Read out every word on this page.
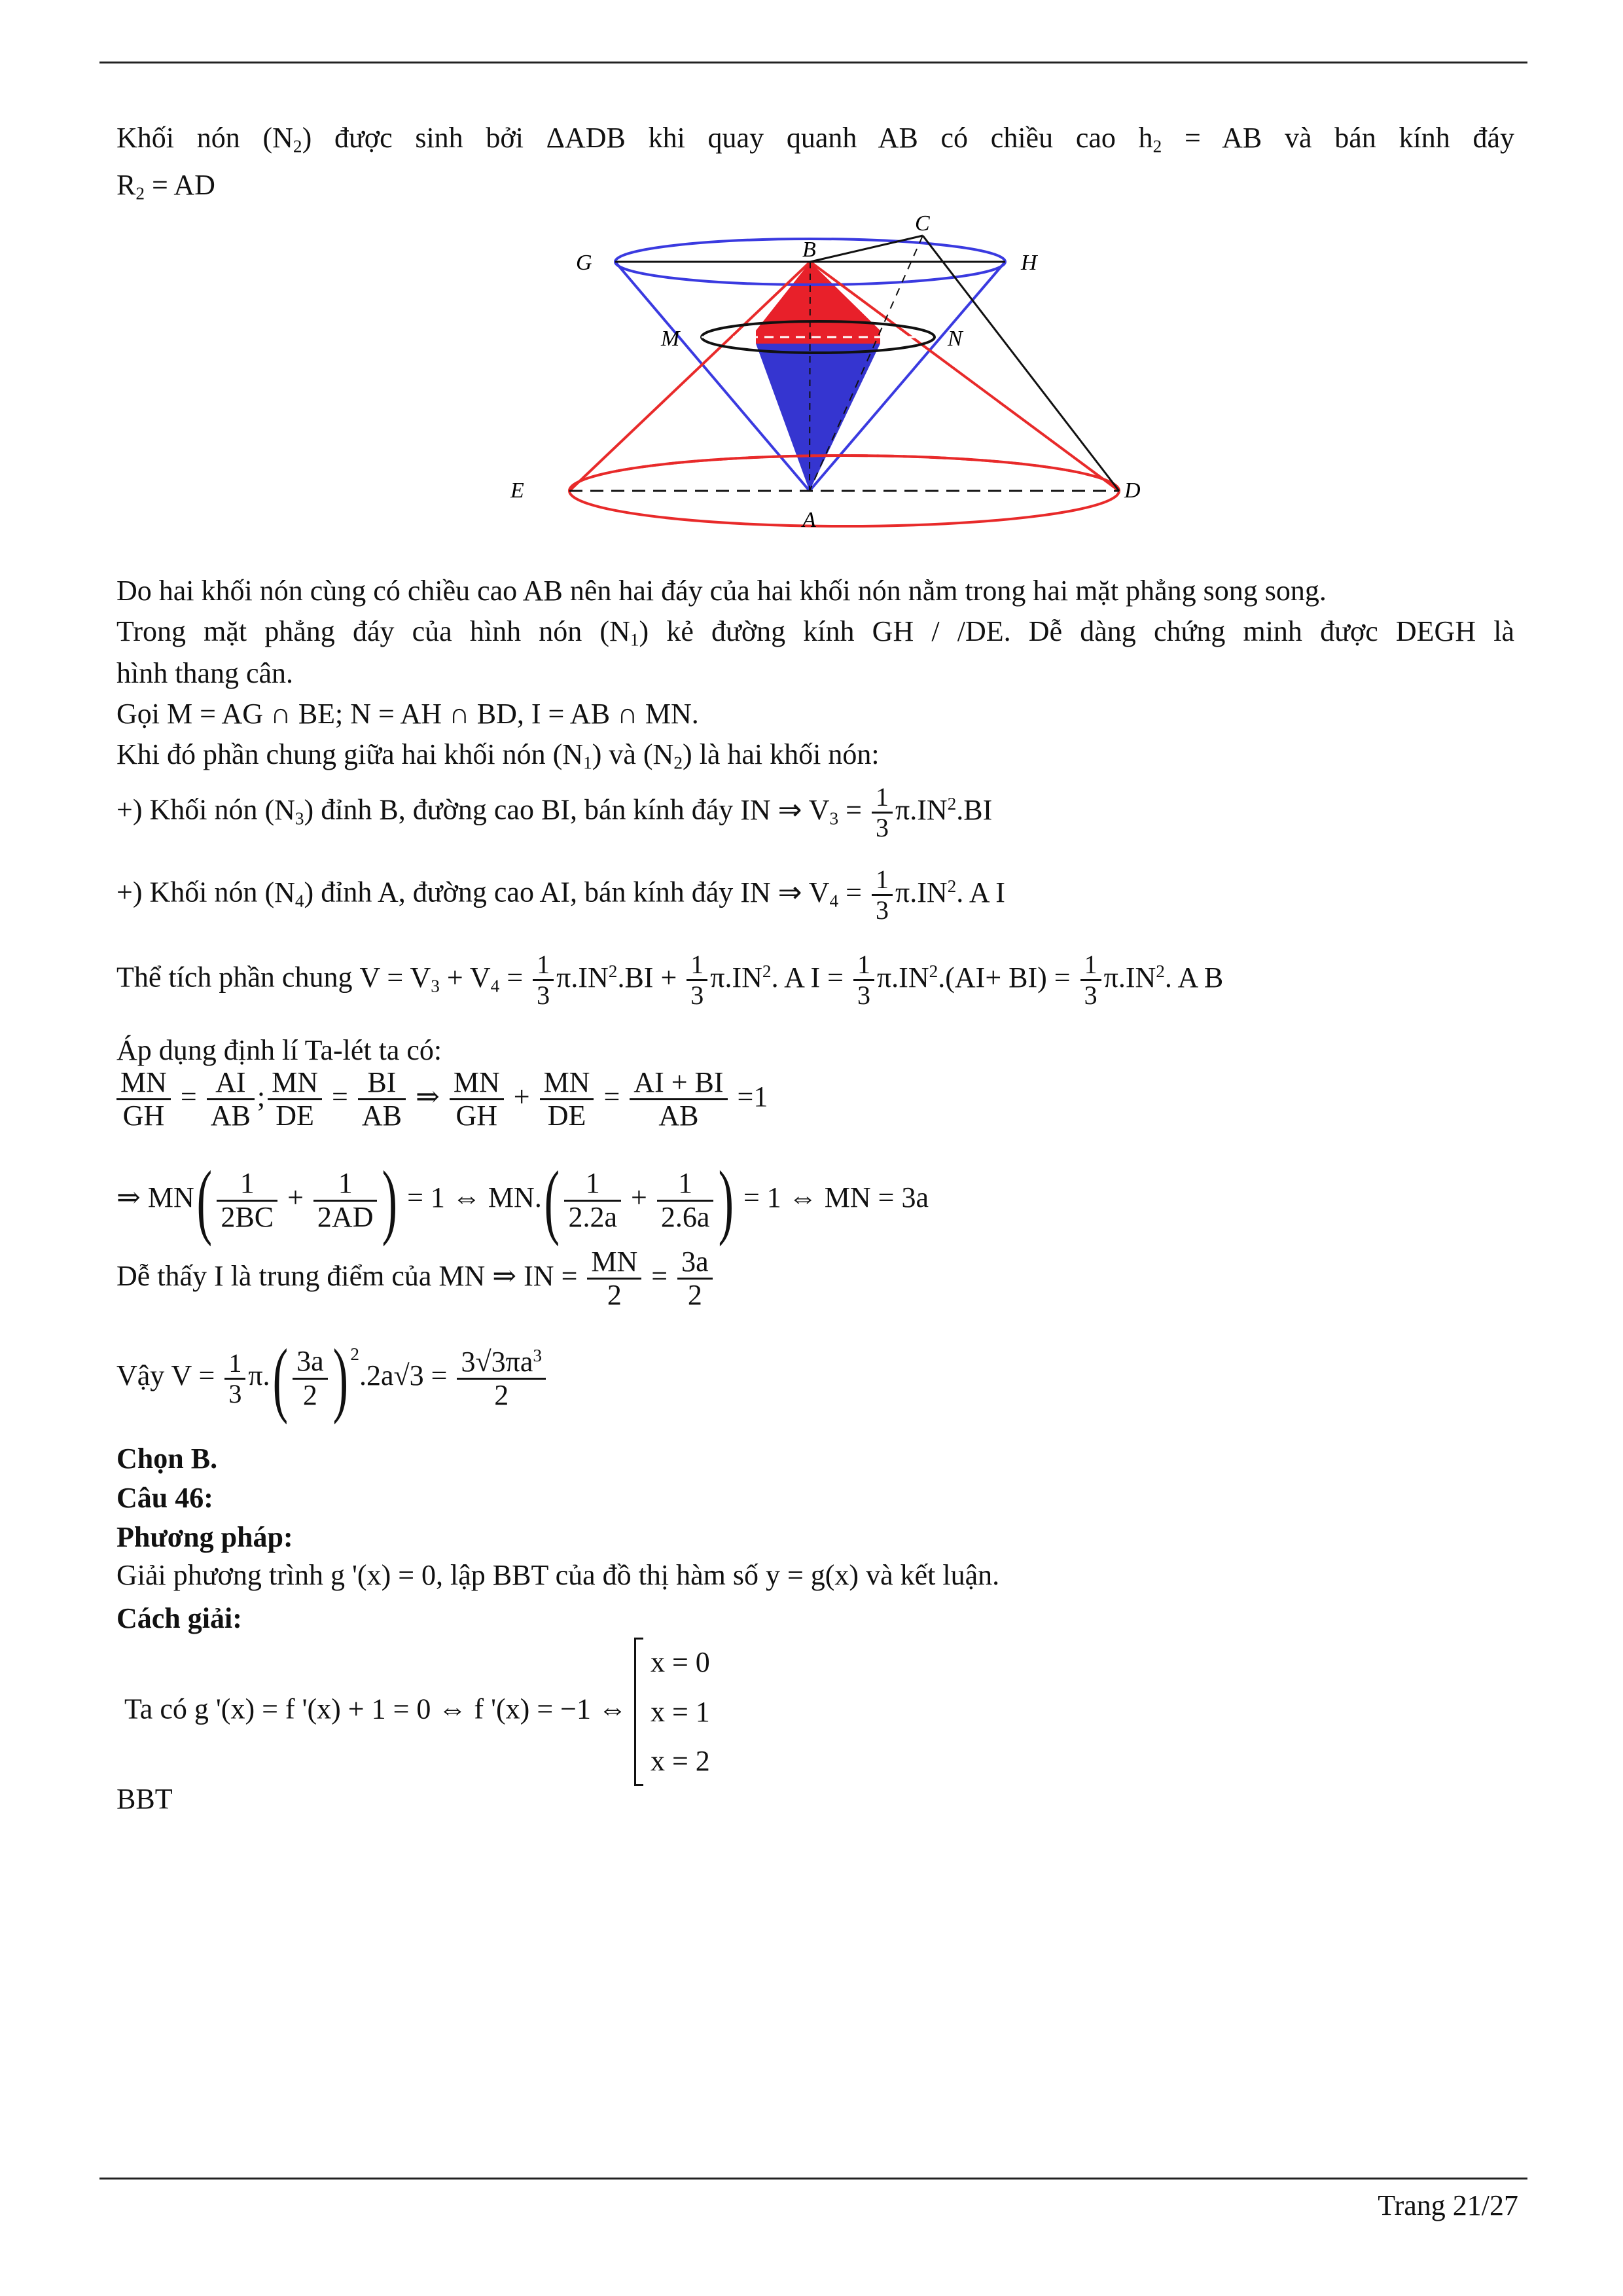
Khối nón $(N_2)$ được sinh bởi ΔADB khi quay quanh AB có chiều cao $h_2$ = AB và bán kính đáy
$R_2$ = AD
Do hai khối nón cùng có chiều cao AB nên hai đáy của hai khối nón nằm trong hai mặt phẳng song song.
Trong mặt phẳng đáy của hình nón $(N_1)$ kẻ đường kính GH / /DE. Dễ dàng chứng minh được DEGH là
hình thang cân.
Gọi M = AG ∩ BE; N = AH ∩ BD, I = AB ∩ MN.
Khi đó phần chung giữa hai khối nón $(N_1)$ và $(N_2)$ là hai khối nón:
+) Khối nón $(N_3)$ đỉnh B, đường cao BI, bán kính đáy IN ⇒ $V_3 = \frac{1}{3} \pi.IN^2.BI$
+) Khối nón $(N_4)$ đỉnh A, đường cao AI, bán kính đáy IN ⇒ $V_4 = \frac{1}{3} \pi.IN^2$. A I
Thể tích phần chung $V = V_3 + V_4 = \frac{1}{3} \pi.IN^2.BI + \frac{1}{3} \pi.IN^2$. A $I = \frac{1}{3} \pi.IN^2.(AI+ BI) = \frac{1}{3} \pi.IN^2$. A B
Áp dụng định lí Ta-lét ta có:
$\frac{MN}{GH} = \frac{AI}{AB}$ ; $\frac{MN}{DE} = \frac{BI}{AB}$ ⇒ $\frac{MN}{GH} + \frac{MN}{DE} = \frac{AI + BI}{AB} =1$
⇒ $MN( \frac{1}{2BC} + \frac{1}{2AD}$ ) = 1 ⇔ $MN.( \frac{1}{2.2a} + \frac{1}{2.6a}$ ) = 1 ⇔ MN = 3a
Dễ thấy I là trung điểm của MN ⇒ IN = $\frac{MN}{2} = \frac{3a}{2}$
Vậy $V = \frac{1}{3} \pi.( \frac{3a}{2}$ ) $^2.2a√3 = \frac{3√3\pi a^3}{2}$
Chọn B.
Câu 46:
Phương pháp:
Giải phương trình g '(x) = 0, lập BBT của đồ thị hàm số y = g(x) và kết luận.
Cách giải:
Ta có g '(x) = f '(x) + 1 = 0 ⇔ f '(x) = −1 ⇔
x = 0
x = 1
x = 2
BBT
C
B
G	H
M	N
E	D
A
Trang 21/27
